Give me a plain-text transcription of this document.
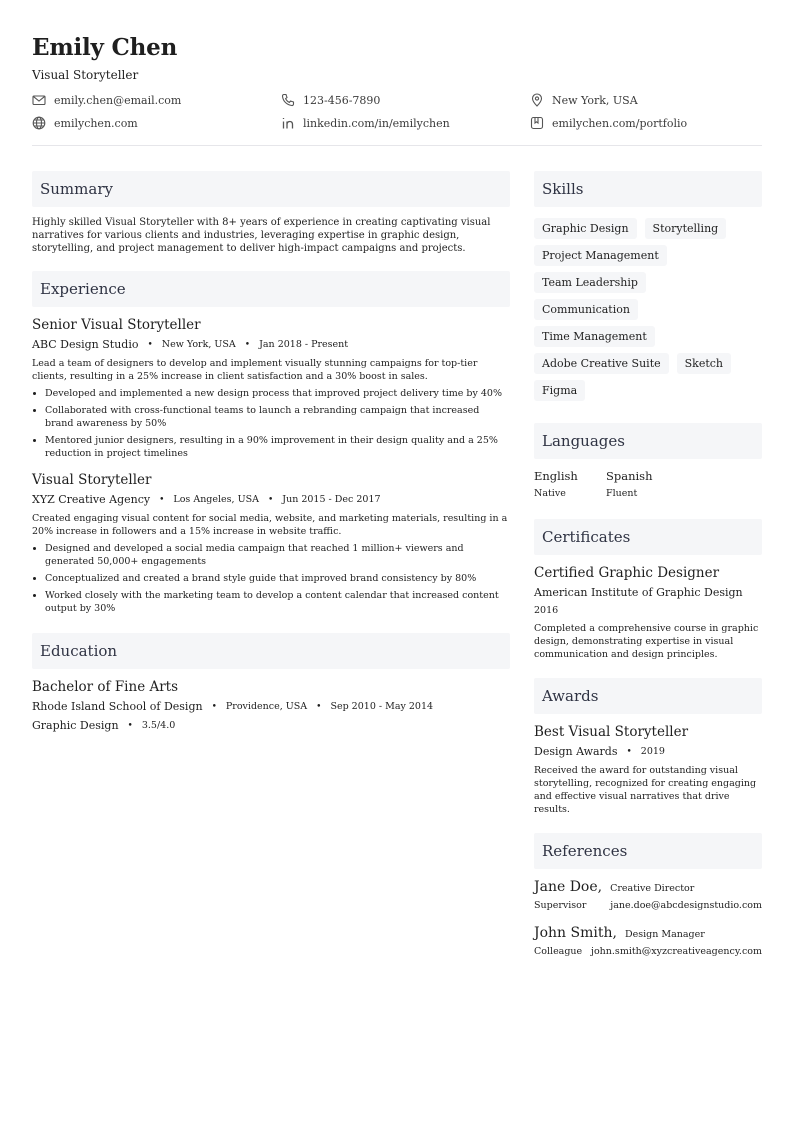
Emily Chen
Visual Storyteller
emily.chen@email.com	123-456-7890	New York, USA
emilychen.com	linkedin.com/in/emilychen	emilychen.com/portfolio
Summary
Highly skilled Visual Storyteller with 8+ years of experience in creating captivating visual narratives for various clients and industries, leveraging expertise in graphic design, storytelling, and project management to deliver high-impact campaigns and projects.
Experience
Senior Visual Storyteller
ABC Design Studio • New York, USA • Jan 2018 - Present
Lead a team of designers to develop and implement visually stunning campaigns for top-tier clients, resulting in a 25% increase in client satisfaction and a 30% boost in sales.
• Developed and implemented a new design process that improved project delivery time by 40%
• Collaborated with cross-functional teams to launch a rebranding campaign that increased brand awareness by 50%
• Mentored junior designers, resulting in a 90% improvement in their design quality and a 25% reduction in project timelines
Visual Storyteller
XYZ Creative Agency • Los Angeles, USA • Jun 2015 - Dec 2017
Created engaging visual content for social media, website, and marketing materials, resulting in a 20% increase in followers and a 15% increase in website traffic.
• Designed and developed a social media campaign that reached 1 million+ viewers and generated 50,000+ engagements
• Conceptualized and created a brand style guide that improved brand consistency by 80%
• Worked closely with the marketing team to develop a content calendar that increased content output by 30%
Education
Bachelor of Fine Arts
Rhode Island School of Design • Providence, USA • Sep 2010 - May 2014
Graphic Design • 3.5/4.0
Skills
Graphic Design	Storytelling
Project Management
Team Leadership
Communication
Time Management
Adobe Creative Suite	Sketch
Figma
Languages
English
Native
Spanish
Fluent
Certificates
Certified Graphic Designer
American Institute of Graphic Design
2016
Completed a comprehensive course in graphic design, demonstrating expertise in visual communication and design principles.
Awards
Best Visual Storyteller
Design Awards • 2019
Received the award for outstanding visual storytelling, recognized for creating engaging and effective visual narratives that drive results.
References
Jane Doe, Creative Director
Supervisor	jane.doe@abcdesignstudio.com
John Smith, Design Manager
Colleague john.smith@xyzcreativeagency.com
